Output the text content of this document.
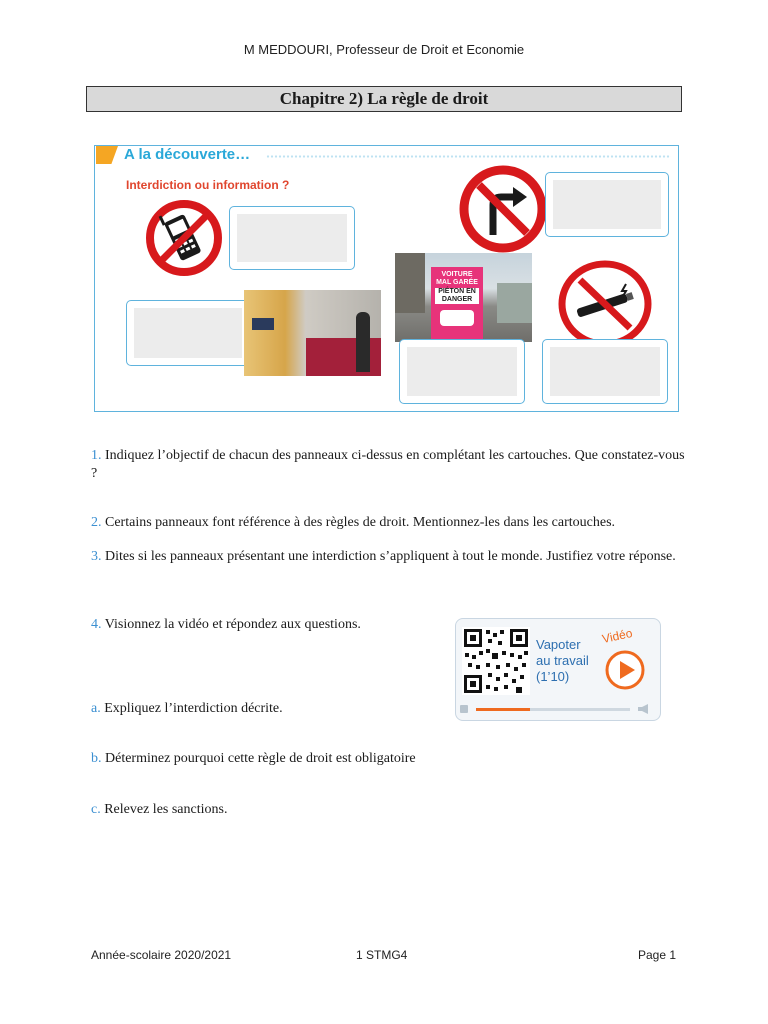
M MEDDOURI, Professeur de Droit et Economie
Chapitre 2) La règle de droit
A la découverte…
Interdiction ou information ?
VOITURE
MAL GARÉE
PIÉTON EN
DANGER
1. Indiquez l’objectif de chacun des panneaux ci-dessus en complétant les cartouches. Que constatez-vous ?
2. Certains panneaux font référence à des règles de droit. Mentionnez-les dans les cartouches.
3. Dites si les panneaux présentant une interdiction s’appliquent à tout le monde. Justifiez votre réponse.
4. Visionnez la vidéo et répondez aux questions.
a. Expliquez l’interdiction décrite.
b. Déterminez pourquoi cette règle de droit est obligatoire
c. Relevez les sanctions.
Vapoter
au travail
(1’10)
Vidéo
Année-scolaire 2020/2021	1 STMG4	Page 1
